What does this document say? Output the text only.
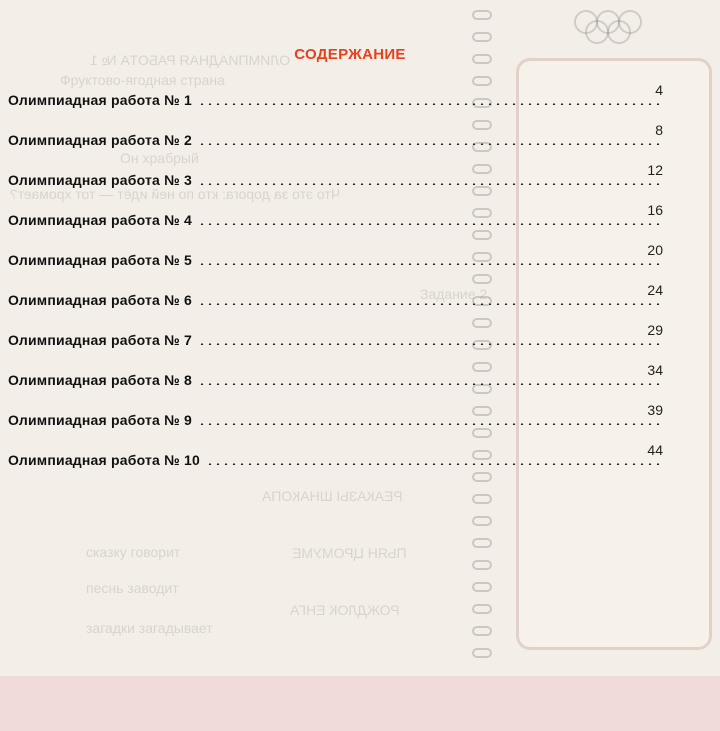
ОЛИМПИАДНАЯ РАБОТА № 1
Фруктово-ягодная страна
Он храбрый
Что это за дорога: кто по ней идёт — тот хромает?
Задание 2.
РЕАКАЗЫ ШНАКОПА
ПЬЯН ЦРОМУМЕ
РОЖДЛОК ЕНГА
сказку говорит
песнь заводит
загадки загадывает
СОДЕРЖАНИЕ
Олимпиадная работа № 1
4
Олимпиадная работа № 2
8
Олимпиадная работа № 3
12
Олимпиадная работа № 4
16
Олимпиадная работа № 5
20
Олимпиадная работа № 6
24
Олимпиадная работа № 7
29
Олимпиадная работа № 8
34
Олимпиадная работа № 9
39
Олимпиадная работа № 10
44
